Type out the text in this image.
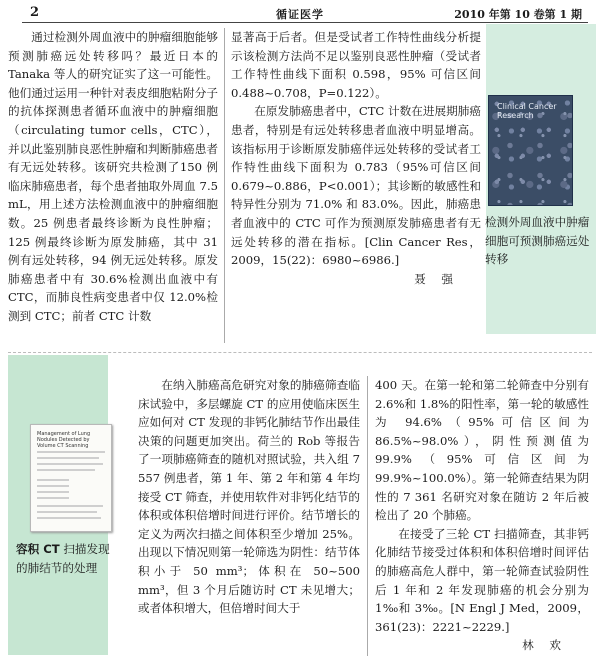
2	循证医学	2010 年第 10 卷第 1 期

通过检测外周血液中的肿瘤细胞能够预测肺癌远处转移吗？最近日本的 Tanaka 等人的研究证实了这一可能性。他们通过运用一种针对表皮细胞粘附分子的抗体探测患者循环血液中的肿瘤细胞（circulating tumor cells，CTC），并以此鉴别肺良恶性肿瘤和判断肺癌患者有无远处转移。该研究共检测了150 例临床肺癌患者，每个患者抽取外周血 7.5 mL，用上述方法检测血液中的肿瘤细胞数。25 例患者最终诊断为良性肿瘤；125 例最终诊断为原发肺癌，其中 31 例有远处转移，94 例无远处转移。原发肺癌患者中有 30.6%检测出血液中有 CTC，而肺良性病变患者中仅 12.0%检测到 CTC；前者 CTC 计数

显著高于后者。但是受试者工作特性曲线分析提示该检测方法尚不足以鉴别良恶性肿瘤（受试者工作特性曲线下面积 0.598，95% 可信区间 0.488~0.708，P=0.122）。

在原发肺癌患者中，CTC 计数在进展期肺癌患者，特别是有远处转移患者血液中明显增高。该指标用于诊断原发肺癌伴远处转移的受试者工作特性曲线下面积为 0.783（95%可信区间 0.679~0.886，P<0.001）；其诊断的敏感性和特异性分别为 71.0% 和 83.0%。因此，肺癌患者血液中的 CTC 可作为预测原发肺癌患者有无远处转移的潜在指标。[Clin Cancer Res，2009，15(22)：6980~6986.]

聂 强
Clinical Cancer Research
检测外周血液中肿瘤细胞可预测肺癌远处转移
Management of Lung Nodules Detected by Volume CT Scanning
容积 CT 扫描发现的肺结节的处理

在纳入肺癌高危研究对象的肺癌筛查临床试验中，多层螺旋 CT 的应用使临床医生应如何对 CT 发现的非钙化肺结节作出最佳决策的问题更加突出。荷兰的 Rob 等报告了一项肺癌筛查的随机对照试验，共入组 7 557 例患者，第 1 年、第 2 年和第 4 年均接受 CT 筛查，并使用软件对非钙化结节的体积或体积倍增时间进行评价。结节增长的定义为两次扫描之间体积至少增加 25%。出现以下情况则第一轮筛选为阴性：结节体积小于 50 mm³；体积在 50~500 mm³，但 3 个月后随访时 CT 未见增大；或者体积增大，但倍增时间大于

400 天。在第一轮和第二轮筛查中分别有 2.6%和 1.8%的阳性率，第一轮的敏感性为 94.6%（95%可信区间为 86.5%~98.0%），阴性预测值为 99.9%（95%可信区间为 99.9%~100.0%）。第一轮筛查结果为阴性的 7 361 名研究对象在随访 2 年后被检出了 20 个肺癌。

在接受了三轮 CT 扫描筛查，其非钙化肺结节接受过体积和体积倍增时间评估的肺癌高危人群中，第一轮筛查试验阴性后 1 年和 2 年发现肺癌的机会分别为 1‰和 3‰。[N Engl J Med，2009，361(23)：2221~2229.]

林 欢
